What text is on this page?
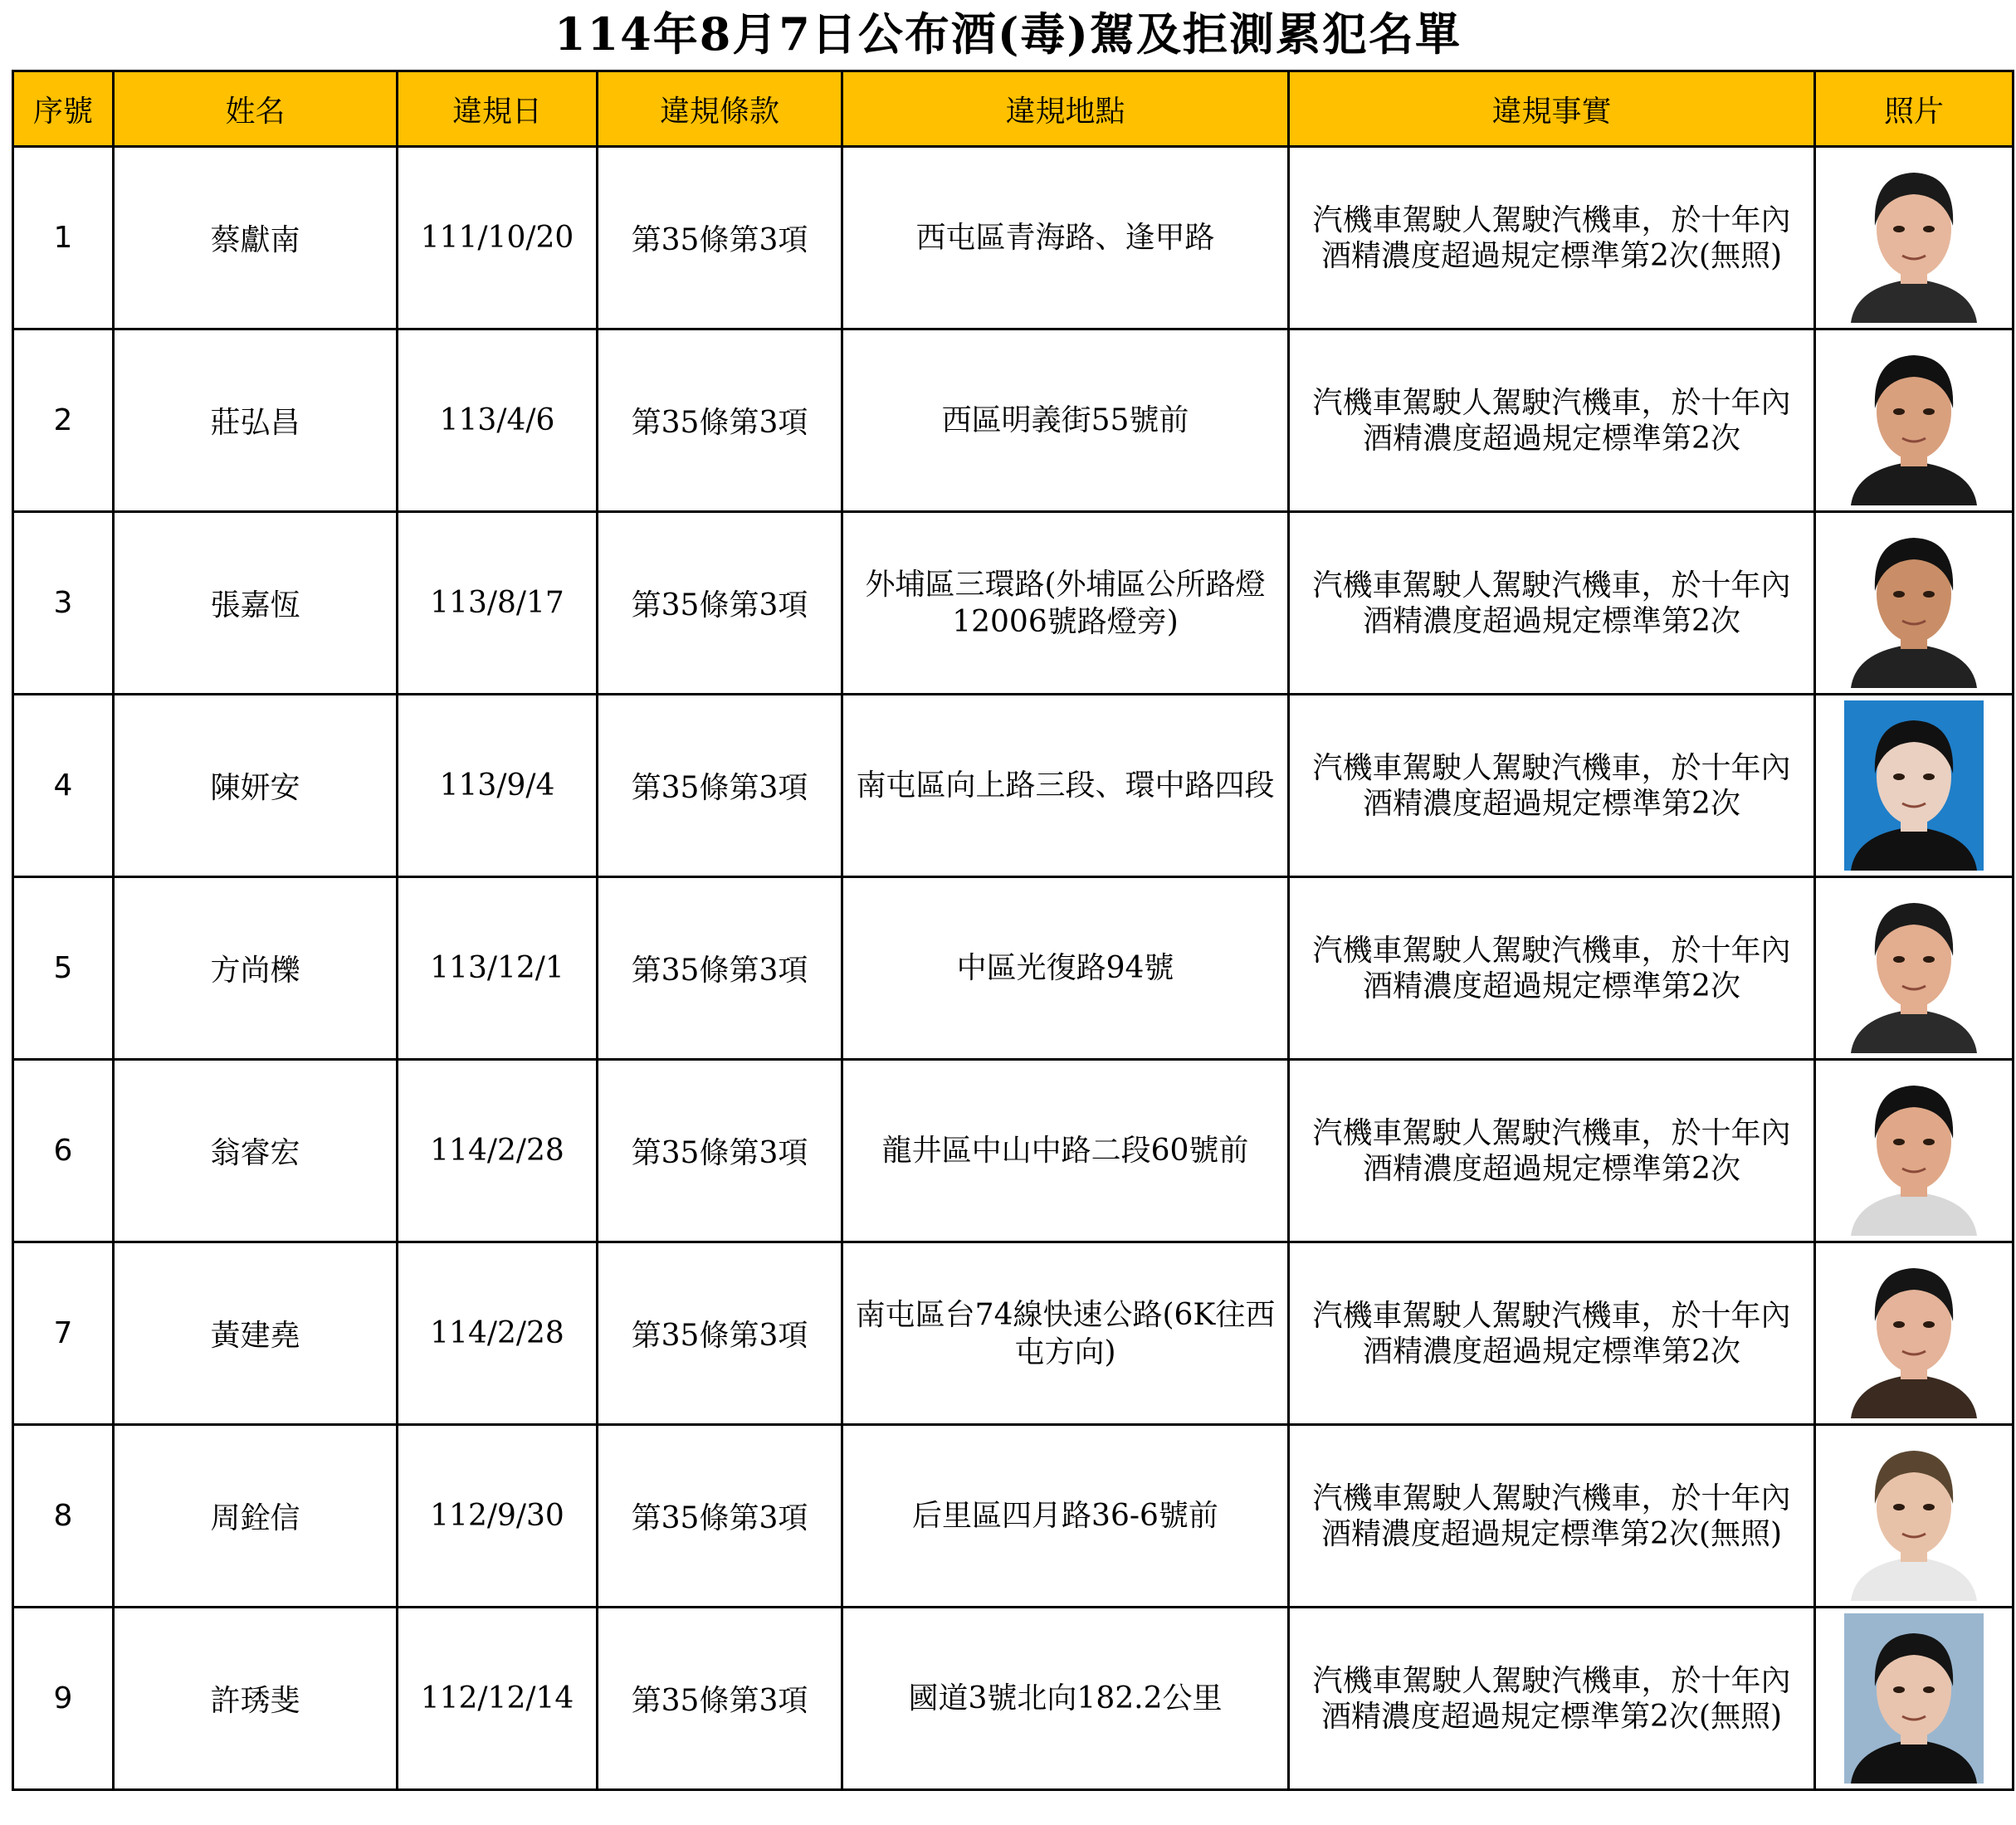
114年8月7日公布酒(毒)駕及拒測累犯名單
序號	姓名	違規日	違規條款	違規地點	違規事實	照片
1	蔡獻南	111/10/20	第35條第3項	西屯區青海路、逢甲路	汽機車駕駛人駕駛汽機車，於十年內
酒精濃度超過規定標準第2次(無照)

2	莊弘昌	113/4/6	第35條第3項	西區明義街55號前	汽機車駕駛人駕駛汽機車，於十年內
酒精濃度超過規定標準第2次

3	張嘉恆	113/8/17	第35條第3項	外埔區三環路(外埔區公所路燈12006號路燈旁)	汽機車駕駛人駕駛汽機車，於十年內
酒精濃度超過規定標準第2次

4	陳妍安	113/9/4	第35條第3項	南屯區向上路三段、環中路四段	汽機車駕駛人駕駛汽機車，於十年內
酒精濃度超過規定標準第2次

5	方尚櫟	113/12/1	第35條第3項	中區光復路94號	汽機車駕駛人駕駛汽機車，於十年內
酒精濃度超過規定標準第2次

6	翁睿宏	114/2/28	第35條第3項	龍井區中山中路二段60號前	汽機車駕駛人駕駛汽機車，於十年內
酒精濃度超過規定標準第2次

7	黃建堯	114/2/28	第35條第3項	南屯區台74線快速公路(6K往西屯方向)	汽機車駕駛人駕駛汽機車，於十年內
酒精濃度超過規定標準第2次

8	周銓信	112/9/30	第35條第3項	后里區四月路36-6號前	汽機車駕駛人駕駛汽機車，於十年內
酒精濃度超過規定標準第2次(無照)

9	許琇斐	112/12/14	第35條第3項	國道3號北向182.2公里	汽機車駕駛人駕駛汽機車，於十年內
酒精濃度超過規定標準第2次(無照)
